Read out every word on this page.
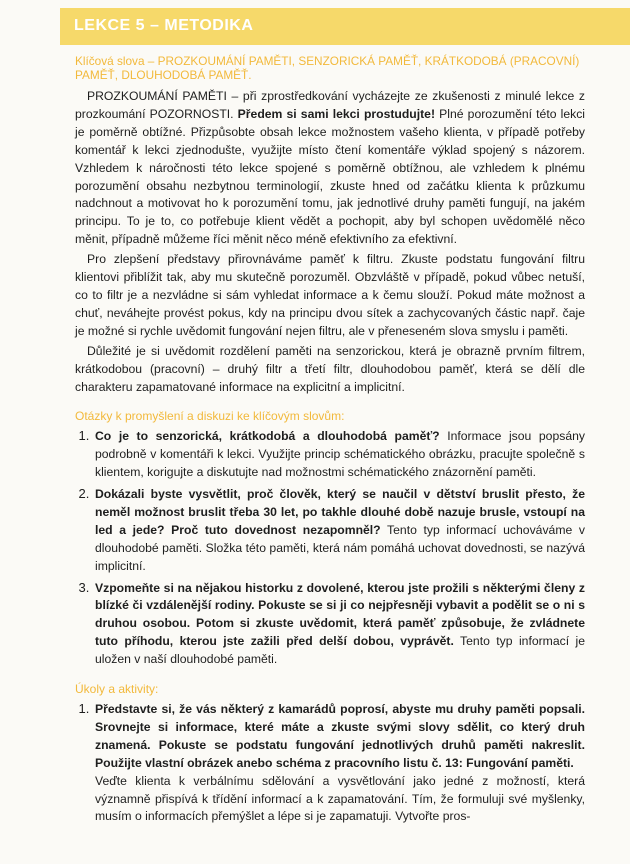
LEKCE 5 – METODIKA
Klíčová slova – PROZKOUMÁNÍ PAMĚTI, SENZORICKÁ PAMĚŤ, KRÁTKODOBÁ (PRACOVNÍ) PAMĚŤ, DLOUHODOBÁ PAMĚŤ.

PROZKOUMÁNÍ PAMĚTI – při zprostředkování vycházejte ze zkušenosti z minulé lekce z prozkoumání POZORNOSTI. Předem si sami lekci prostudujte! Plné porozumění této lekci je poměrně obtížné. Přizpůsobte obsah lekce možnostem vašeho klienta, v případě potřeby komentář k lekci zjednodušte, využijte místo čtení komentáře výklad spojený s názorem. Vzhledem k náročnosti této lekce spojené s poměrně obtížnou, ale vzhledem k plnému porozumění obsahu nezbytnou terminologií, zkuste hned od začátku klienta k průzkumu nadchnout a motivovat ho k porozumění tomu, jak jednotlivé druhy paměti fungují, na jakém principu. To je to, co potřebuje klient vědět a pochopit, aby byl schopen uvědomělé něco měnit, případně můžeme říci měnit něco méně efektivního za efektivní.

Pro zlepšení představy přirovnáváme paměť k filtru. Zkuste podstatu fungování filtru klientovi přiblížit tak, aby mu skutečně porozuměl. Obzvláště v případě, pokud vůbec netuší, co to filtr je a nezvládne si sám vyhledat informace a k čemu slouží. Pokud máte možnost a chuť, neváhejte provést pokus, kdy na principu dvou sítek a zachycovaných částic např. čaje je možné si rychle uvědomit fungování nejen filtru, ale v přeneseném slova smyslu i paměti.

Důležité je si uvědomit rozdělení paměti na senzorickou, která je obrazně prvním filtrem, krátkodobou (pracovní) – druhý filtr a třetí filtr, dlouhodobou paměť, která se dělí dle charakteru zapamatované informace na explicitní a implicitní.

Otázky k promyšlení a diskuzi ke klíčovým slovům:
1. Co je to senzorická, krátkodobá a dlouhodobá paměť? Informace jsou popsány podrobně v komentáři k lekci. Využijte princip schématického obrázku, pracujte společně s klientem, korigujte a diskutujte nad možnostmi schématického znázornění paměti.
2. Dokázali byste vysvětlit, proč člověk, který se naučil v dětství bruslit přesto, že neměl možnost bruslit třeba 30 let, po takhle dlouhé době nazuje brusle, vstoupí na led a jede? Proč tuto dovednost nezapomněl? Tento typ informací uchováváme v dlouhodobé paměti. Složka této paměti, která nám pomáhá uchovat dovednosti, se nazývá implicitní.
3. Vzpomeňte si na nějakou historku z dovolené, kterou jste prožili s některými členy z blízké či vzdálenější rodiny. Pokuste se si ji co nejpřesněji vybavit a podělit se o ni s druhou osobou. Potom si zkuste uvědomit, která paměť způsobuje, že zvládnete tuto příhodu, kterou jste zažili před delší dobou, vyprávět. Tento typ informací je uložen v naší dlouhodobé paměti.
Úkoly a aktivity:
1. Představte si, že vás některý z kamarádů poprosí, abyste mu druhy paměti popsali. Srovnejte si informace, které máte a zkuste svými slovy sdělit, co který druh znamená. Pokuste se podstatu fungování jednotlivých druhů paměti nakreslit. Použijte vlastní obrázek anebo schéma z pracovního listu č. 13: Fungování paměti.
Veďte klienta k verbálnímu sdělování a vysvětlování jako jedné z možností, která významně přispívá k třídění informací a k zapamatování. Tím, že formuluji své myšlenky, musím o informacích přemýšlet a lépe si je zapamatuji. Vytvořte pros-
